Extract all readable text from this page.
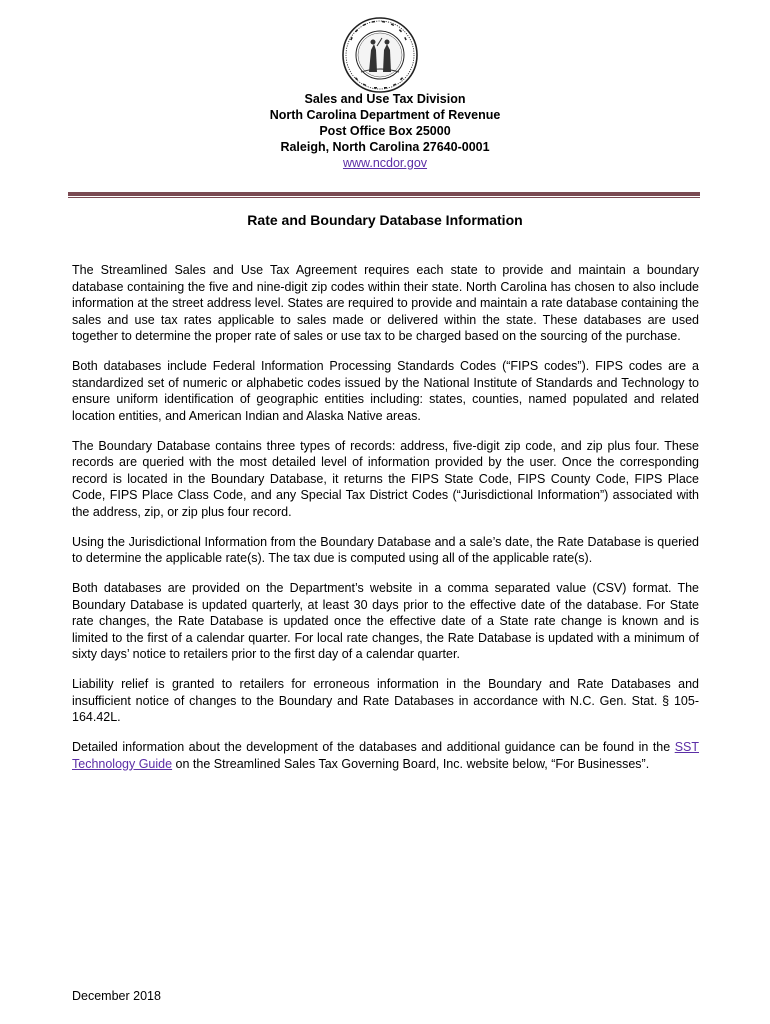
Sales and Use Tax Division
North Carolina Department of Revenue
Post Office Box 25000
Raleigh, North Carolina 27640-0001
www.ncdor.gov
Rate and Boundary Database Information

The Streamlined Sales and Use Tax Agreement requires each state to provide and maintain a boundary database containing the five and nine-digit zip codes within their state. North Carolina has chosen to also include information at the street address level. States are required to provide and maintain a rate database containing the sales and use tax rates applicable to sales made or delivered within the state. These databases are used together to determine the proper rate of sales or use tax to be charged based on the sourcing of the purchase.

Both databases include Federal Information Processing Standards Codes (“FIPS codes”). FIPS codes are a standardized set of numeric or alphabetic codes issued by the National Institute of Standards and Technology to ensure uniform identification of geographic entities including: states, counties, named populated and related location entities, and American Indian and Alaska Native areas.

The Boundary Database contains three types of records: address, five-digit zip code, and zip plus four. These records are queried with the most detailed level of information provided by the user. Once the corresponding record is located in the Boundary Database, it returns the FIPS State Code, FIPS County Code, FIPS Place Code, FIPS Place Class Code, and any Special Tax District Codes (“Jurisdictional Information”) associated with the address, zip, or zip plus four record.

Using the Jurisdictional Information from the Boundary Database and a sale’s date, the Rate Database is queried to determine the applicable rate(s). The tax due is computed using all of the applicable rate(s).

Both databases are provided on the Department’s website in a comma separated value (CSV) format. The Boundary Database is updated quarterly, at least 30 days prior to the effective date of the database. For State rate changes, the Rate Database is updated once the effective date of a State rate change is known and is limited to the first of a calendar quarter. For local rate changes, the Rate Database is updated with a minimum of sixty days’ notice to retailers prior to the first day of a calendar quarter.

Liability relief is granted to retailers for erroneous information in the Boundary and Rate Databases and insufficient notice of changes to the Boundary and Rate Databases in accordance with N.C. Gen. Stat. § 105-164.42L.

Detailed information about the development of the databases and additional guidance can be found in the SST Technology Guide on the Streamlined Sales Tax Governing Board, Inc. website below, “For Businesses”.

December 2018
